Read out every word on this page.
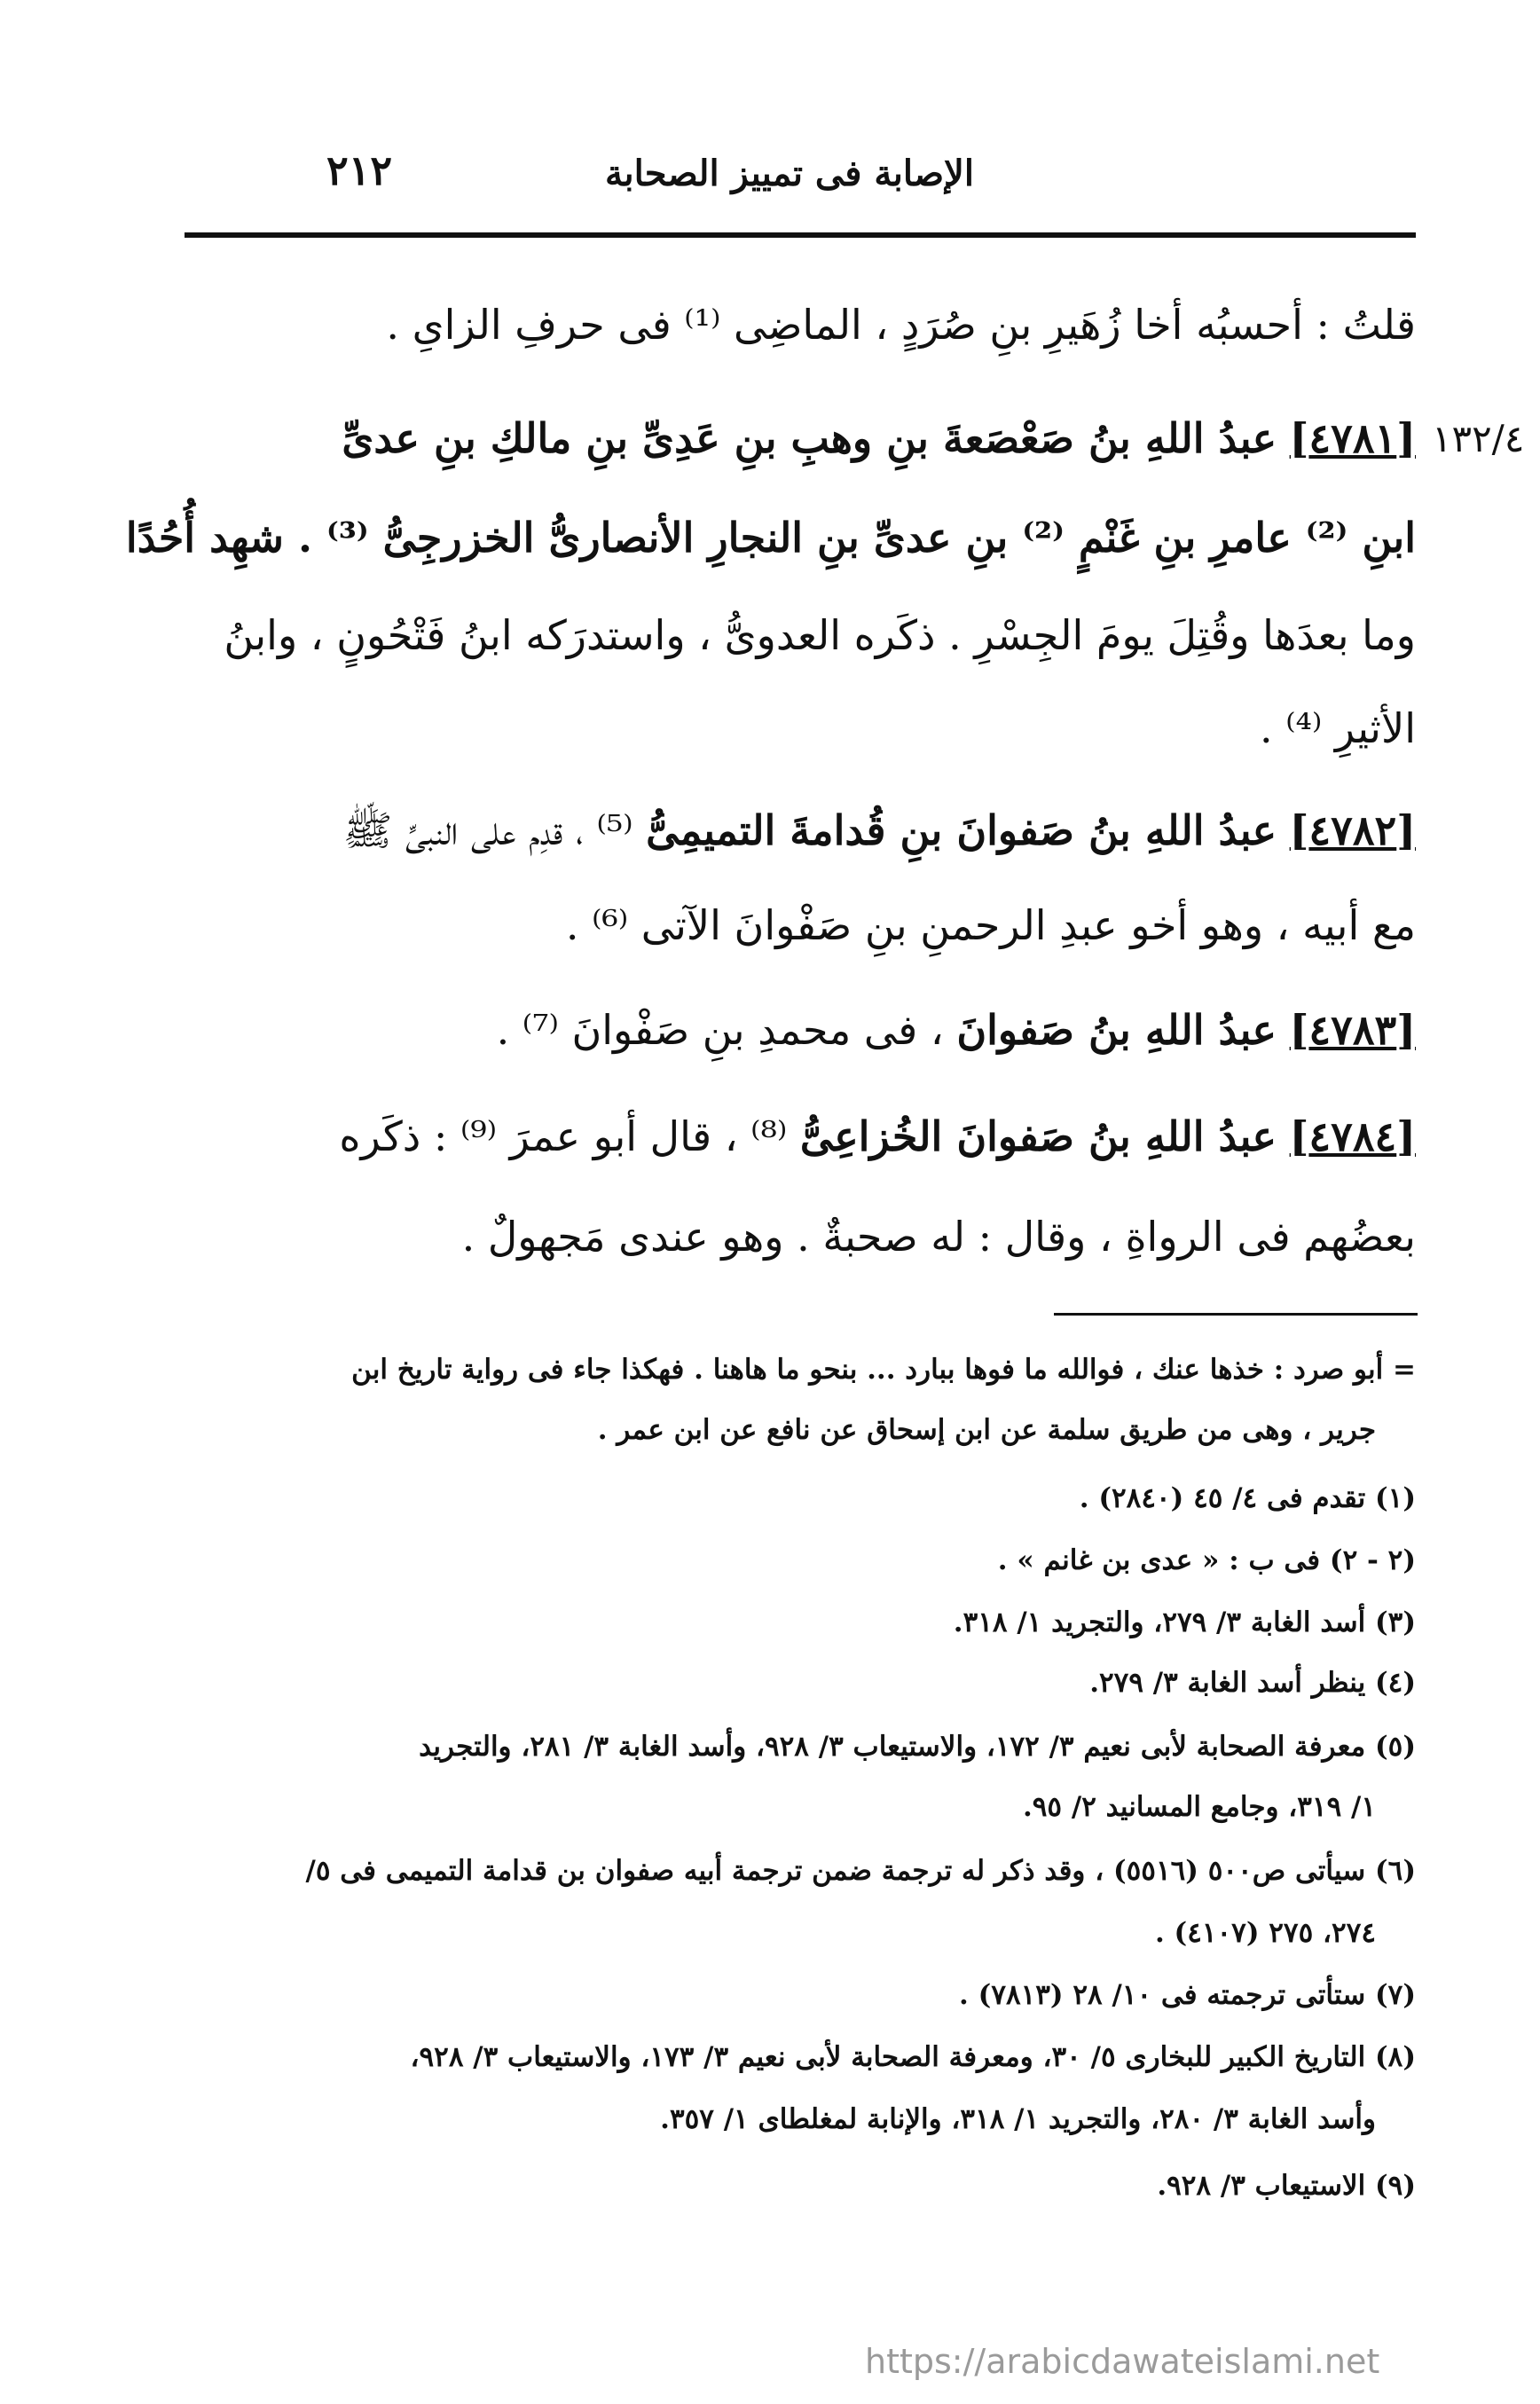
٢١٢	الإصابة فى تمييز الصحابة
١٣٢/٤
قلتُ : أحسبُه أخا زُهَيرِ بنِ صُرَدٍ ، الماضِى ⁽¹⁾ فى حرفِ الزاىِ .
[٤٧٨١] عبدُ اللهِ بنُ صَعْصَعةَ بنِ وهبِ بنِ عَدِىِّ بنِ مالكِ بنِ عدىِّ
ابنِ ⁽²⁾ عامرِ بنِ غَنْمٍ ⁽²⁾ بنِ عدىِّ بنِ النجارِ الأنصارىُّ الخزرجِىُّ ⁽³⁾ . شهِد أُحُدًا
وما بعدَها وقُتِلَ يومَ الجِسْرِ . ذكَره العدوىُّ ، واستدرَكه ابنُ فَتْحُونٍ ، وابنُ
الأثيرِ ⁽⁴⁾ .
[٤٧٨٢] عبدُ اللهِ بنُ صَفوانَ بنِ قُدامةَ التميمِىُّ ⁽⁵⁾ ، قدِم على النبىِّ ﷺ
مع أبيه ، وهو أخو عبدِ الرحمنِ بنِ صَفْوانَ الآتى ⁽⁶⁾ .
[٤٧٨٣] عبدُ اللهِ بنُ صَفوانَ ، فى محمدِ بنِ صَفْوانَ ⁽⁷⁾ .
[٤٧٨٤] عبدُ اللهِ بنُ صَفوانَ الخُزاعِىُّ ⁽⁸⁾ ، قال أبو عمرَ ⁽⁹⁾ : ذكَره
بعضُهم فى الرواةِ ، وقال : له صحبةٌ . وهو عندى مَجهولٌ .
= أبو صرد : خذها عنك ، فوالله ما فوها ببارد ... بنحو ما هاهنا . فهكذا جاء فى رواية تاريخ ابن
جرير ، وهى من طريق سلمة عن ابن إسحاق عن نافع عن ابن عمر .
(١) تقدم فى ٤/ ٤٥ (٢٨٤٠) .
(٢ - ٢) فى ب : « عدى بن غانم » .
(٣) أسد الغابة ٣/ ٢٧٩، والتجريد ١/ ٣١٨.
(٤) ينظر أسد الغابة ٣/ ٢٧٩.
(٥) معرفة الصحابة لأبى نعيم ٣/ ١٧٢، والاستيعاب ٣/ ٩٢٨، وأسد الغابة ٣/ ٢٨١، والتجريد
١/ ٣١٩، وجامع المسانيد ٢/ ٩٥.
(٦) سيأتى ص٥٠٠ (٥٥١٦) ، وقد ذكر له ترجمة ضمن ترجمة أبيه صفوان بن قدامة التميمى فى ٥/
٢٧٤، ٢٧٥ (٤١٠٧) .
(٧) ستأتى ترجمته فى ١٠/ ٢٨ (٧٨١٣) .
(٨) التاريخ الكبير للبخارى ٥/ ٣٠، ومعرفة الصحابة لأبى نعيم ٣/ ١٧٣، والاستيعاب ٣/ ٩٢٨،
وأسد الغابة ٣/ ٢٨٠، والتجريد ١/ ٣١٨، والإنابة لمغلطاى ١/ ٣٥٧.
(٩) الاستيعاب ٣/ ٩٢٨.
https://arabicdawateislami.net
